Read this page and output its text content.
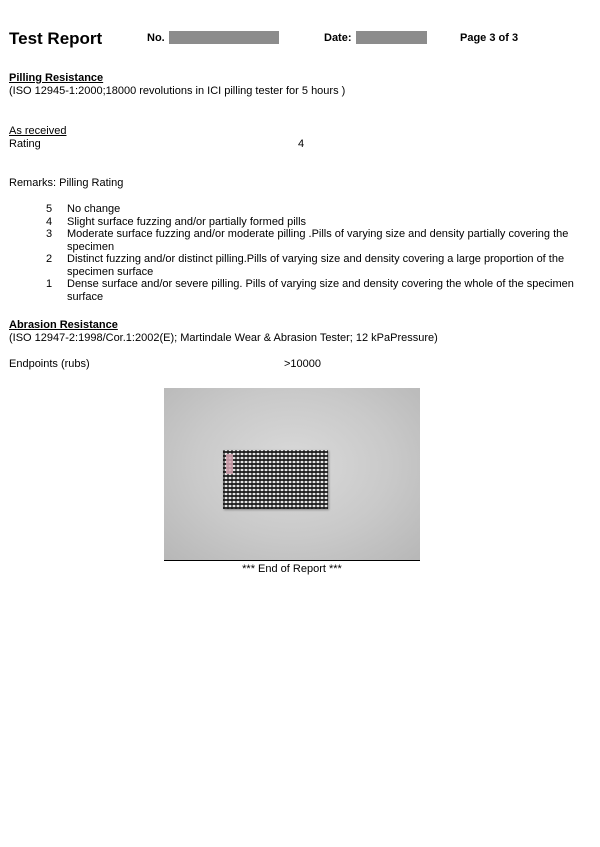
Test Report	No.	Date:	Page 3 of 3
Pilling Resistance
(ISO 12945-1:2000;18000 revolutions in ICI pilling tester for 5 hours )
As received
Rating	4
Remarks: Pilling Rating
5 No change
4 Slight surface fuzzing and/or partially formed pills
3 Moderate surface fuzzing and/or moderate pilling .Pills of varying size and density partially covering the specimen
2 Distinct fuzzing and/or distinct pilling.Pills of varying size and density covering a large proportion of the specimen surface
1 Dense surface and/or severe pilling. Pills of varying size and density covering the whole of the specimen surface
Abrasion Resistance
(ISO 12947-2:1998/Cor.1:2002(E); Martindale Wear & Abrasion Tester; 12 kPaPressure)
Endpoints (rubs)	>10000
*** End of Report ***
